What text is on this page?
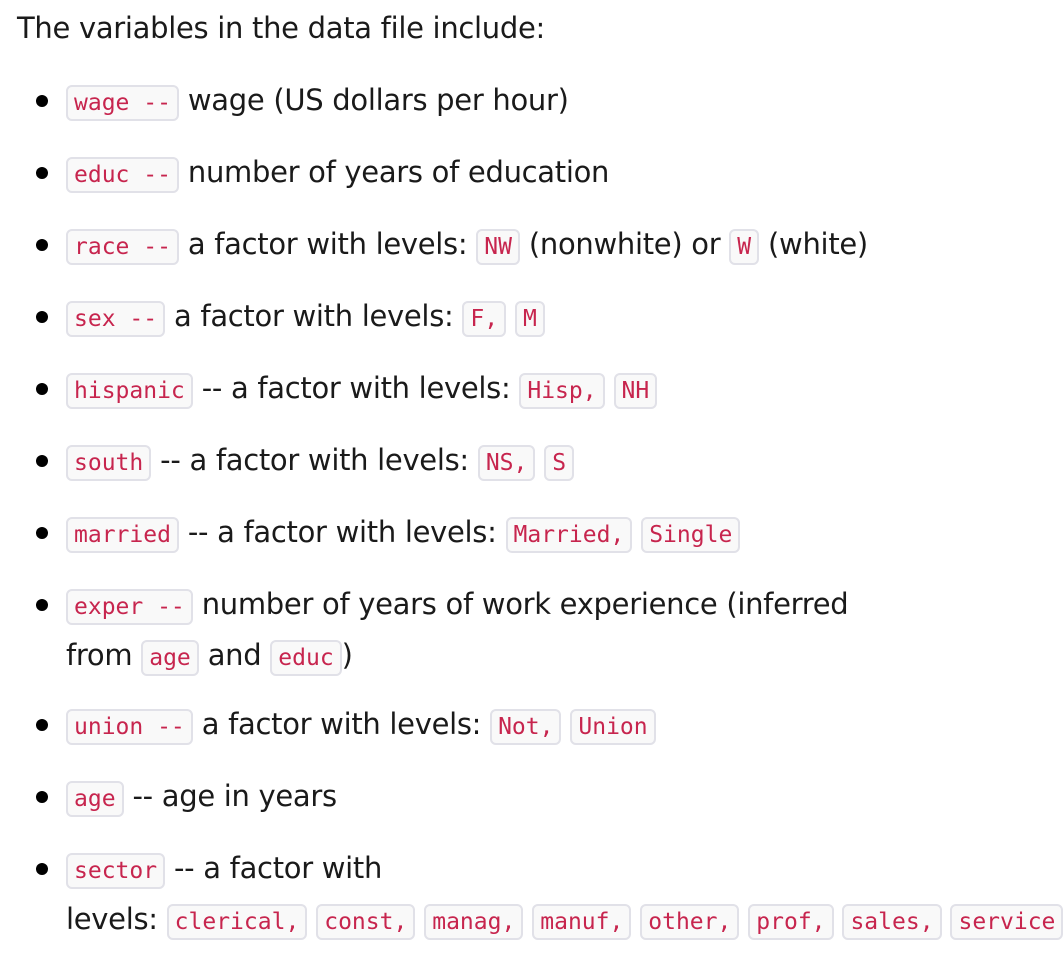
The variables in the data file include:

wage -- wage (US dollars per hour)
educ -- number of years of education
race -- a factor with levels: NW (nonwhite) or W (white)
sex -- a factor with levels: F, M
hispanic -- a factor with levels: Hisp, NH
south -- a factor with levels: NS, S
married -- a factor with levels: Married, Single
exper -- number of years of work experience (inferred
from age and educ )
union -- a factor with levels: Not, Union
age -- age in years
sector -- a factor with
levels: clerical, const, manag, manuf, other, prof, sales, service
